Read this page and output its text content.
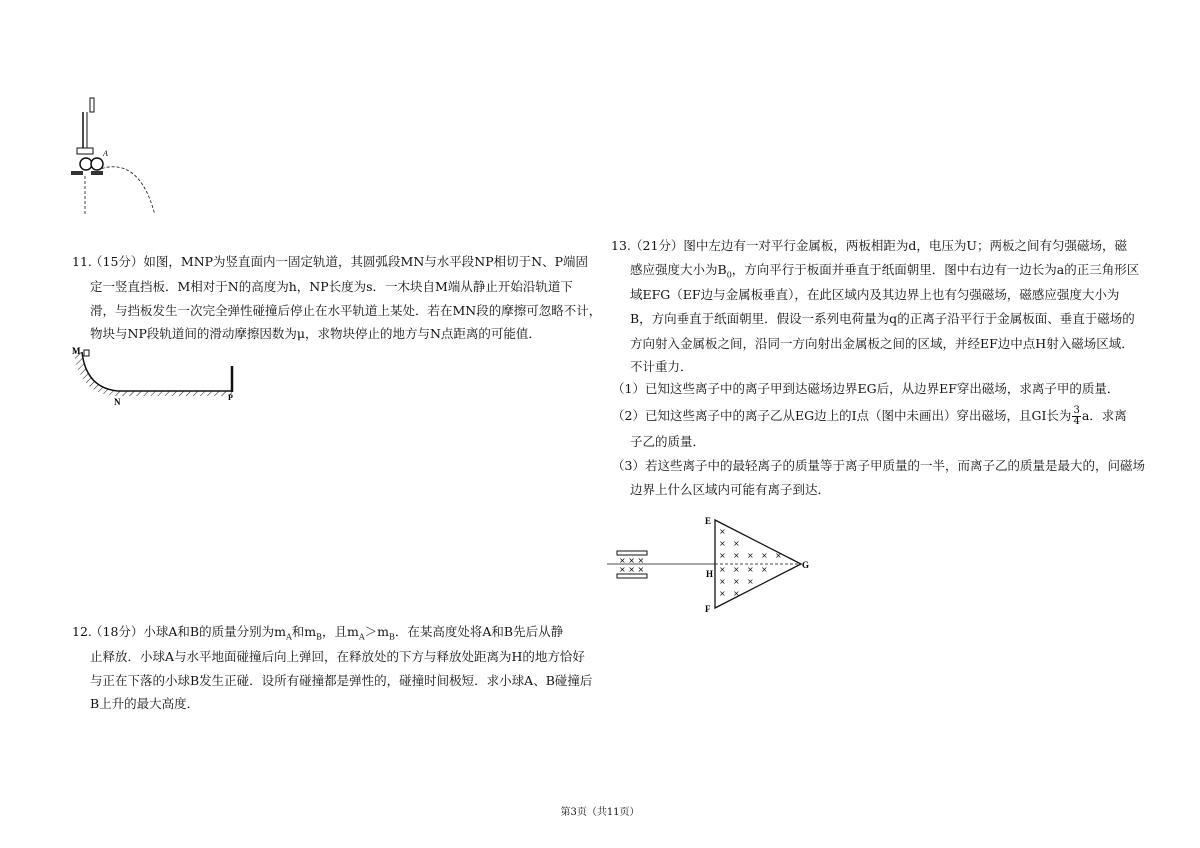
A
11.
（15分）如图，MNP为竖直面内一固定轨道，其圆弧段MN与水平段NP相切于N、P端固
定一竖直挡板．M相对于N的高度为h，NP长度为s．一木块自M端从静止开始沿轨道下
滑，与挡板发生一次完全弹性碰撞后停止在水平轨道上某处．若在MN段的摩擦可忽略不计，
物块与NP段轨道间的滑动摩擦因数为μ，求物块停止的地方与N点距离的可能值．
M
N	P
12.
（18分）小球A和B的质量分别为$m_A$和$m_B$，且$m_A>m_B$．在某高度处将A和B先后从静
止释放．小球A与水平地面碰撞后向上弹回，在释放处的下方与释放处距离为H的地方恰好
与正在下落的小球B发生正碰．设所有碰撞都是弹性的，碰撞时间极短．求小球A、B碰撞后
B上升的最大高度．
13. （21分）图中左边有一对平行金属板，两板相距为d，电压为U；两板之间有匀强磁场，磁
感应强度大小为$B_0$，方向平行于板面并垂直于纸面朝里．图中右边有一边长为a的正三角形区
域EFG（EF边与金属板垂直），在此区域内及其边界上也有匀强磁场，磁感应强度大小为
B，方向垂直于纸面朝里．假设一系列电荷量为q的正离子沿平行于金属板面、垂直于磁场的
方向射入金属板之间，沿同一方向射出金属板之间的区域，并经EF边中点H射入磁场区域．
不计重力．
（1）已知这些离子中的离子甲到达磁场边界EG后，从边界EF穿出磁场，求离子甲的质量．
（2）已知这些离子中的离子乙从EG边上的I点（图中未画出）穿出磁场，且GI长为 $\frac{3}{4}$ a．求离
子乙的质量．
（3）若这些离子中的最轻离子的质量等于离子甲质量的一半，而离子乙的质量是最大的，问磁场
边界上什么区域内可能有离子到达．
× × ×
× × ×
×
× ×
× × × × ×
× × × ×
× × ×
× ×
E
H
F
G
第3页（共11页）
